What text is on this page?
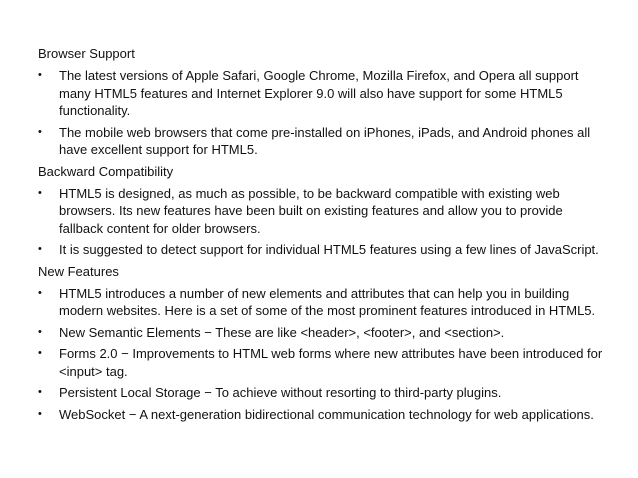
Browser Support
• The latest versions of Apple Safari, Google Chrome, Mozilla Firefox, and Opera all support many HTML5 features and Internet Explorer 9.0 will also have support for some HTML5 functionality.
• The mobile web browsers that come pre-installed on iPhones, iPads, and Android phones all have excellent support for HTML5.
Backward Compatibility
• HTML5 is designed, as much as possible, to be backward compatible with existing web browsers. Its new features have been built on existing features and allow you to provide fallback content for older browsers.
• It is suggested to detect support for individual HTML5 features using a few lines of JavaScript.
New Features
• HTML5 introduces a number of new elements and attributes that can help you in building modern websites. Here is a set of some of the most prominent features introduced in HTML5.
• New Semantic Elements − These are like <header>, <footer>, and <section>.
• Forms 2.0 − Improvements to HTML web forms where new attributes have been introduced for <input> tag.
• Persistent Local Storage − To achieve without resorting to third-party plugins.
• WebSocket − A next-generation bidirectional communication technology for web applications.
